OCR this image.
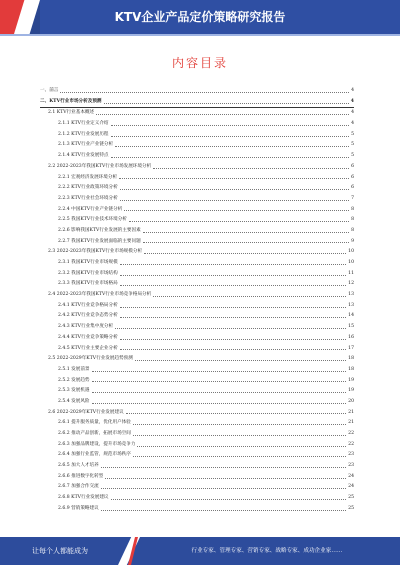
KTV企业产品定价策略研究报告
内容目录
一、前言	4
二、KTV行业市场分析及预测	4
2.1 KTV行业基本概述	4
2.1.1 KTV行业定义介绍	4
2.1.2 KTV行业发展历程	5
2.1.3 KTV行业产业链分析	5
2.1.4 KTV行业发展特点	5
2.2 2022-2023年我国KTV行业市场发展环境分析	6
2.2.1 宏观经济发展环境分析	6
2.2.2 KTV行业政策环境分析	6
2.2.3 KTV行业社会环境分析	7
2.2.4 中国KTV行业产业链分析	8
2.2.5 我国KTV行业技术环境分析	8
2.2.6 影响我国KTV行业发展的主要因素	8
2.2.7 我国KTV行业发展面临的主要问题	9
2.3 2022-2023年我国KTV行业市场规模分析	10
2.3.1 我国KTV行业市场规模	10
2.3.2 我国KTV行业市场结构	11
2.3.3 我国KTV行业市场格局	12
2.4 2022-2023年我国KTV行业市场竞争格局分析	13
2.4.1 KTV行业竞争格局分析	13
2.4.2 KTV行业竞争态势分析	14
2.4.3 KTV行业集中度分析	15
2.4.4 KTV行业竞争策略分析	16
2.4.5 KTV行业主要企业分析	17
2.5 2022-2029年KTV行业发展趋势预测	18
2.5.1 发展前景	18
2.5.2 发展趋势	19
2.5.3 发展机遇	19
2.5.4 发展风险	20
2.6 2022-2029年KTV行业发展建议	21
2.6.1 提升服务质量，优化用户体验	21
2.6.2 推动产品创新，拓展市场空间	22
2.6.3 加强品牌建设，提升市场竞争力	22
2.6.4 加强行业监管，规范市场秩序	23
2.6.5 加大人才培养	23
2.6.6 推进数字化转型	24
2.6.7 加强合作交流	24
2.6.8 KTV行业发展建议	25
2.6.9 营销策略建议	25
让每个人都能成为	行业专家、管理专家、营销专家、战略专家、成功企业家……
